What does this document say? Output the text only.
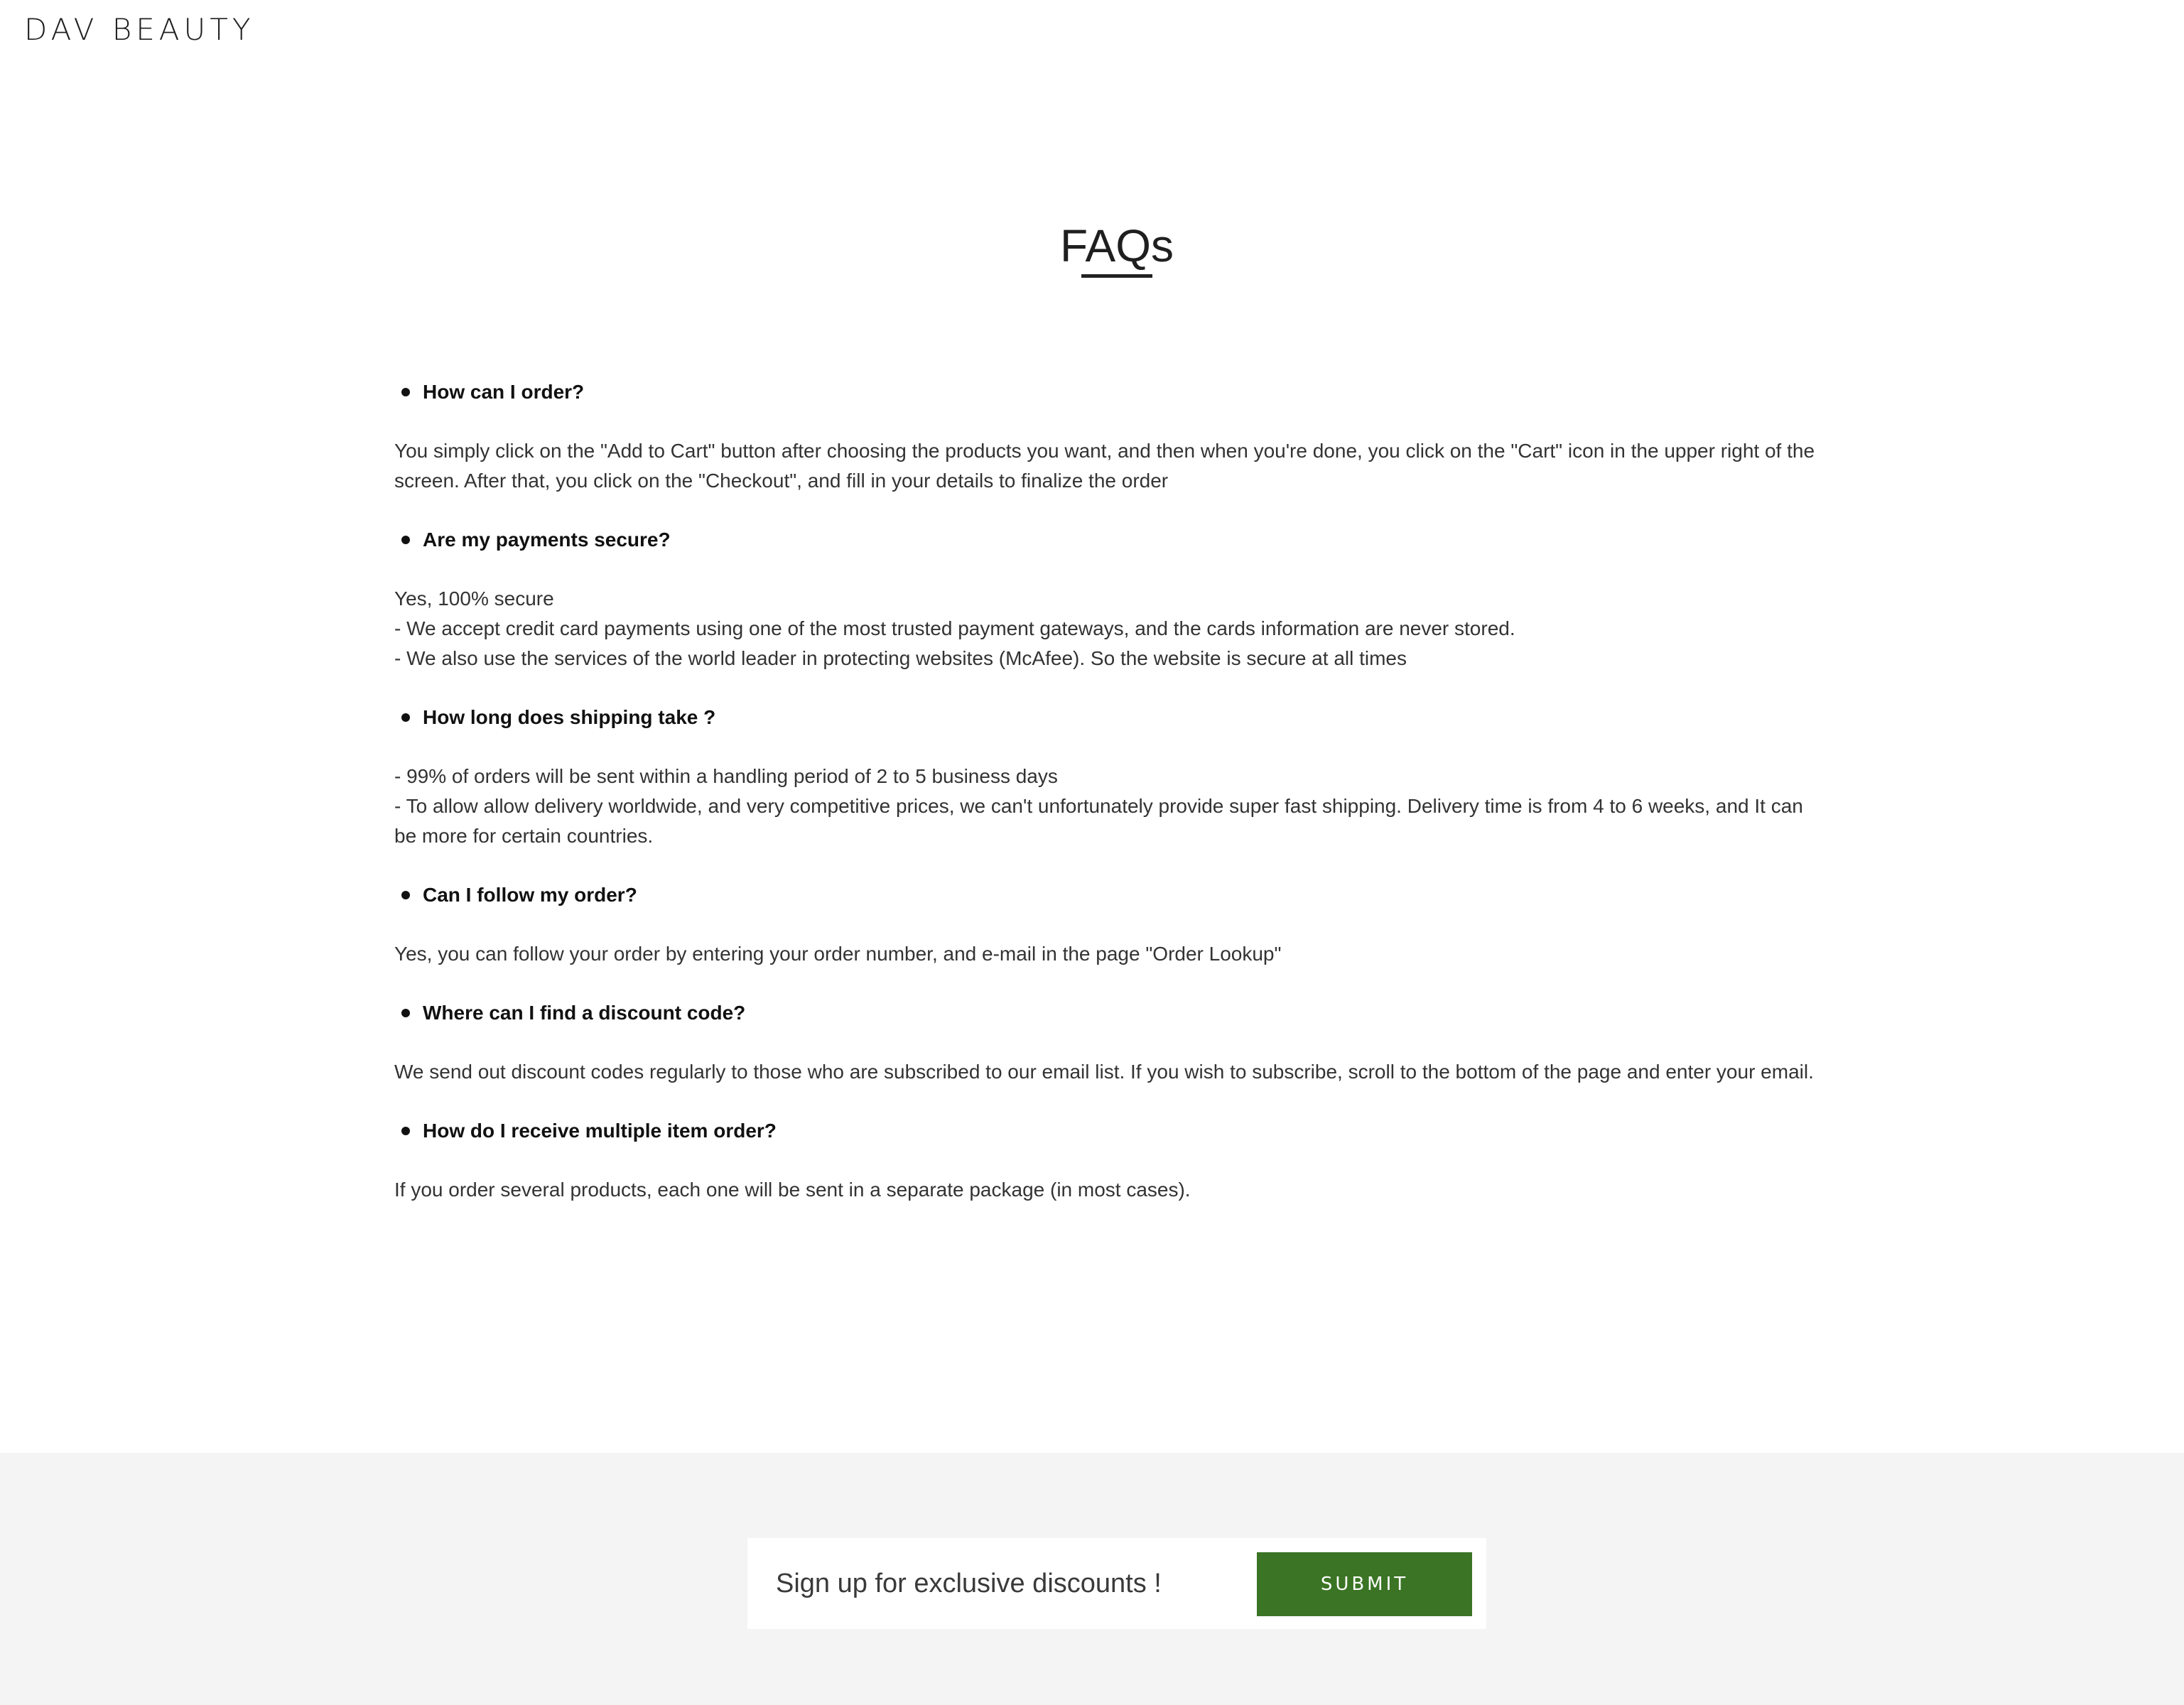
DAV BEAUTY
FAQs
How can I order?
You simply click on the "Add to Cart" button after choosing the products you want, and then when you're done, you click on the "Cart" icon in the upper right of the
screen. After that, you click on the "Checkout", and fill in your details to finalize the order
Are my payments secure?
Yes, 100% secure
- We accept credit card payments using one of the most trusted payment gateways, and the cards information are never stored.
- We also use the services of the world leader in protecting websites (McAfee). So the website is secure at all times
How long does shipping take ?
- 99% of orders will be sent within a handling period of 2 to 5 business days
- To allow allow delivery worldwide, and very competitive prices, we can't unfortunately provide super fast shipping. Delivery time is from 4 to 6 weeks, and It can
be more for certain countries.
Can I follow my order?
Yes, you can follow your order by entering your order number, and e-mail in the page "Order Lookup"
Where can I find a discount code?
We send out discount codes regularly to those who are subscribed to our email list. If you wish to subscribe, scroll to the bottom of the page and enter your email.
How do I receive multiple item order?
If you order several products, each one will be sent in a separate package (in most cases).
Sign up for exclusive discounts !
SUBMIT
